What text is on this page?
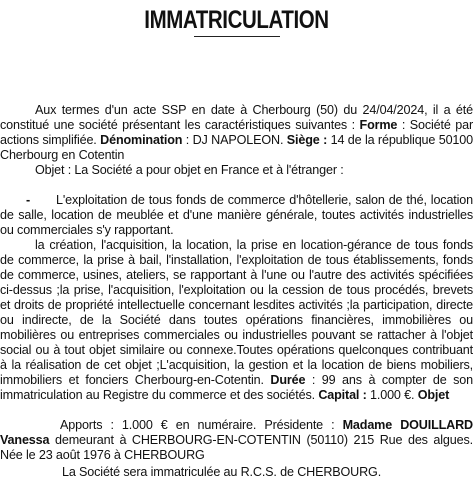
IMMATRICULATION
Aux termes d'un acte SSP en date à Cherbourg (50) du 24/04/2024, il a été constitué une société présentant les caractéristiques suivantes : Forme : Société par actions simplifiée. Dénomination : DJ NAPOLEON. Siège : 14 de la république 50100 Cherbourg en Cotentin
Objet : La Société a pour objet en France et à l'étranger :
- L'exploitation de tous fonds de commerce d'hôtellerie, salon de thé, location de salle, location de meublée et d'une manière générale, toutes activités industrielles ou commerciales s'y rapportant.
la création, l'acquisition, la location, la prise en location-gérance de tous fonds de commerce, la prise à bail, l'installation, l'exploitation de tous établissements, fonds de commerce, usines, ateliers, se rapportant à l'une ou l'autre des activités spécifiées ci-dessus ;la prise, l'acquisition, l'exploitation ou la cession de tous procédés, brevets et droits de propriété intellectuelle concernant lesdites activités ;la participation, directe ou indirecte, de la Société dans toutes opérations financières, immobilières ou mobilières ou entreprises commerciales ou industrielles pouvant se rattacher à l'objet social ou à tout objet similaire ou connexe.Toutes opérations quelconques contribuant à la réalisation de cet objet ;L'acquisition, la gestion et la location de biens mobiliers, immobiliers et fonciers Cherbourg-en-Cotentin. Durée : 99 ans à compter de son immatriculation au Registre du commerce et des sociétés. Capital : 1.000 €. Objet
Apports : 1.000 € en numéraire. Présidente : Madame DOUILLARD Vanessa demeurant à CHERBOURG-EN-COTENTIN (50110) 215 Rue des algues. Née le 23 août 1976 à CHERBOURG
La Société sera immatriculée au R.C.S. de CHERBOURG.
